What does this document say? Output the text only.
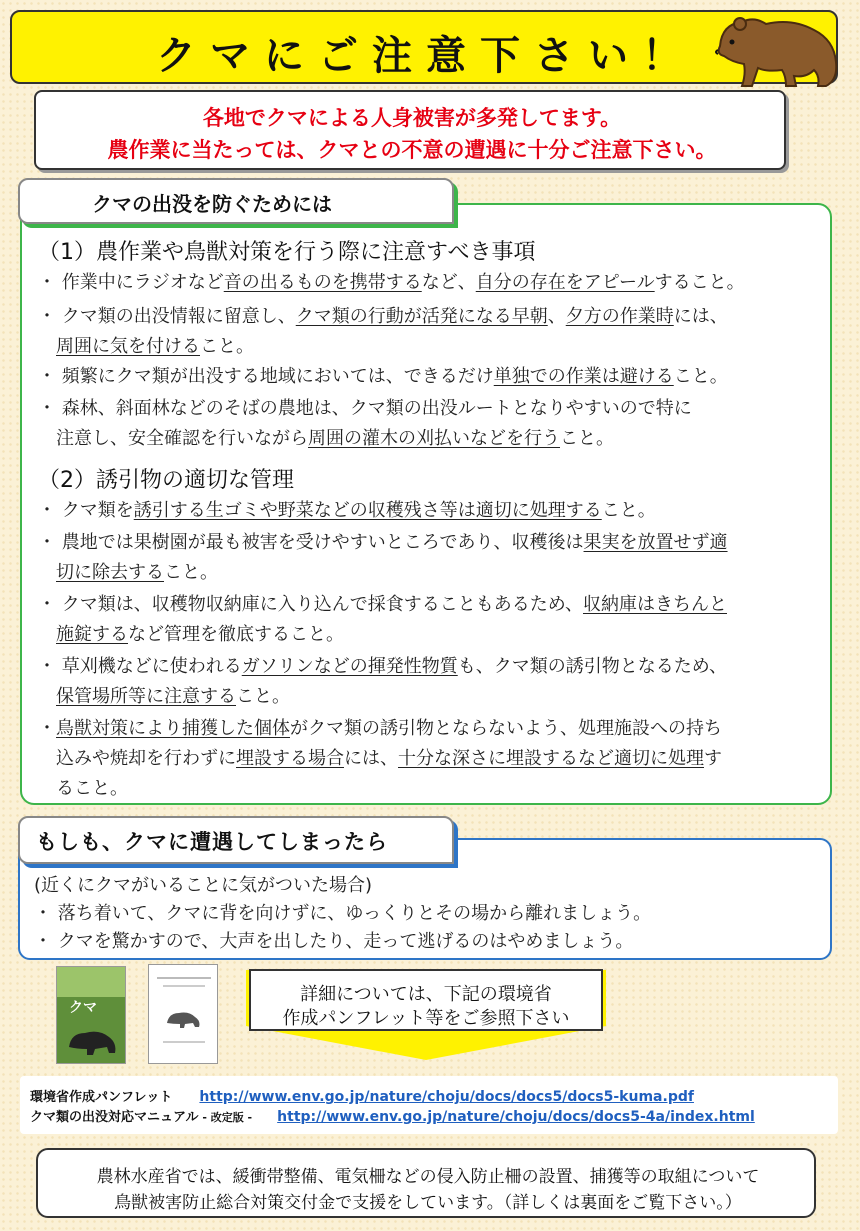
クマにご注意下さい！
各地でクマによる人身被害が多発してます。
農作業に当たっては、クマとの不意の遭遇に十分ご注意下さい。
（1）農作業や鳥獣対策を行う際に注意すべき事項
・ 作業中にラジオなど音の出るものを携帯するなど、自分の存在をアピールすること。
・ クマ類の出没情報に留意し、クマ類の行動が活発になる早朝、夕方の作業時には、
周囲に気を付けること。
・ 頻繁にクマ類が出没する地域においては、できるだけ単独での作業は避けること。
・ 森林、斜面林などのそばの農地は、クマ類の出没ルートとなりやすいので特に
注意し、安全確認を行いながら周囲の灌木の刈払いなどを行うこと。
（2）誘引物の適切な管理
・ クマ類を誘引する生ゴミや野菜などの収穫残さ等は適切に処理すること。
・ 農地では果樹園が最も被害を受けやすいところであり、収穫後は果実を放置せず適
切に除去すること。
・ クマ類は、収穫物収納庫に入り込んで採食することもあるため、収納庫はきちんと
施錠するなど管理を徹底すること。
・ 草刈機などに使われるガソリンなどの揮発性物質も、クマ類の誘引物となるため、
保管場所等に注意すること。
・鳥獣対策により捕獲した個体がクマ類の誘引物とならないよう、処理施設への持ち
込みや焼却を行わずに埋設する場合には、十分な深さに埋設するなど適切に処理す
ること。
クマの出没を防ぐためには
(近くにクマがいることに気がついた場合)
・ 落ち着いて、クマに背を向けずに、ゆっくりとその場から離れましょう。
・ クマを驚かすので、大声を出したり、走って逃げるのはやめましょう。
もしも、クマに遭遇してしまったら
クマ
詳細については、下記の環境省
作成パンフレット等をご参照下さい
環境省作成パンフレット http://www.env.go.jp/nature/choju/docs/docs5/docs5-kuma.pdf
クマ類の出没対応マニュアル - 改定版 - http://www.env.go.jp/nature/choju/docs/docs5-4a/index.html
農林水産省では、緩衝帯整備、電気柵などの侵入防止柵の設置、捕獲等の取組について
鳥獣被害防止総合対策交付金で支援をしています。（詳しくは裏面をご覧下さい。）
